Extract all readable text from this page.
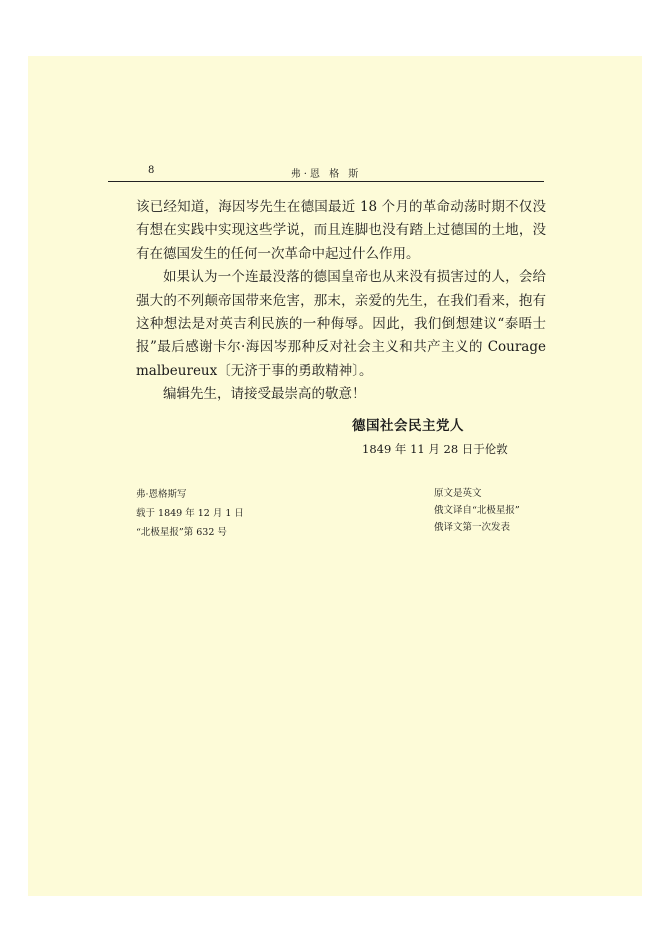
8	弗·恩 格 斯

该已经知道，海因岑先生在德国最近 18 个月的革命动荡时期不仅没有想在实践中实现这些学说，而且连脚也没有踏上过德国的土地，没有在德国发生的任何一次革命中起过什么作用。

如果认为一个连最没落的德国皇帝也从来没有损害过的人，会给强大的不列颠帝国带来危害，那末，亲爱的先生，在我们看来，抱有这种想法是对英吉利民族的一种侮辱。因此，我们倒想建议“泰晤士报”最后感谢卡尔·海因岑那种反对社会主义和共产主义的 Courage malbeureux〔无济于事的勇敢精神〕。

编辑先生，请接受最崇高的敬意！

德国社会民主党人
1849 年 11 月 28 日于伦敦
弗·恩格斯写
载于 1849 年 12 月 1 日
“北极星报”第 632 号
原文是英文
俄文译自“北极星报”
俄译文第一次发表
